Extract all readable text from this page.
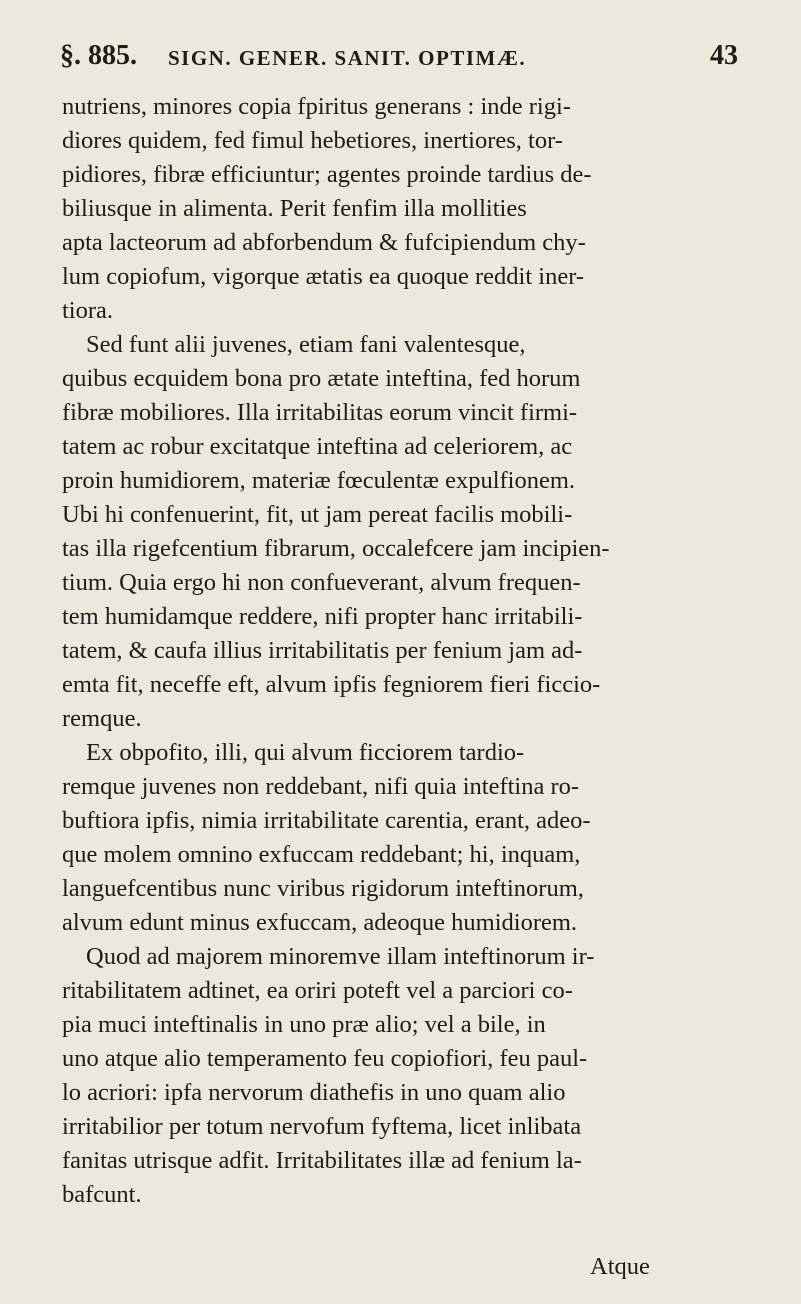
§. 885. SIGN. GENER. SANIT. OPTIMÆ.	43
nutriens, minores copia fpiritus generans : inde rigi-
diores quidem, fed fimul hebetiores, inertiores, tor-
pidiores, fibræ efficiuntur; agentes proinde tardius de-
biliusque in alimenta. Perit fenfim illa mollities
apta lacteorum ad abforbendum & fufcipiendum chy-
lum copiofum, vigorque ætatis ea quoque reddit iner-
tiora.
Sed funt alii juvenes, etiam fani valentesque,
quibus ecquidem bona pro ætate inteftina, fed horum
fibræ mobiliores. Illa irritabilitas eorum vincit firmi-
tatem ac robur excitatque inteftina ad celeriorem, ac
proin humidiorem, materiæ fœculentæ expulfionem.
Ubi hi confenuerint, fit, ut jam pereat facilis mobili-
tas illa rigefcentium fibrarum, occalefcere jam incipien-
tium. Quia ergo hi non confueverant, alvum frequen-
tem humidamque reddere, nifi propter hanc irritabili-
tatem, & caufa illius irritabilitatis per fenium jam ad-
emta fit, neceffe eft, alvum ipfis fegniorem fieri ficcio-
remque.
Ex obpofito, illi, qui alvum ficciorem tardio-
remque juvenes non reddebant, nifi quia inteftina ro-
buftiora ipfis, nimia irritabilitate carentia, erant, adeo-
que molem omnino exfuccam reddebant; hi, inquam,
languefcentibus nunc viribus rigidorum inteftinorum,
alvum edunt minus exfuccam, adeoque humidiorem.
Quod ad majorem minoremve illam inteftinorum ir-
ritabilitatem adtinet, ea oriri poteft vel a parciori co-
pia muci inteftinalis in uno præ alio; vel a bile, in
uno atque alio temperamento feu copiofiori, feu paul-
lo acriori: ipfa nervorum diathefis in uno quam alio
irritabilior per totum nervofum fyftema, licet inlibata
fanitas utrisque adfit. Irritabilitates illæ ad fenium la-
bafcunt.
Atque
